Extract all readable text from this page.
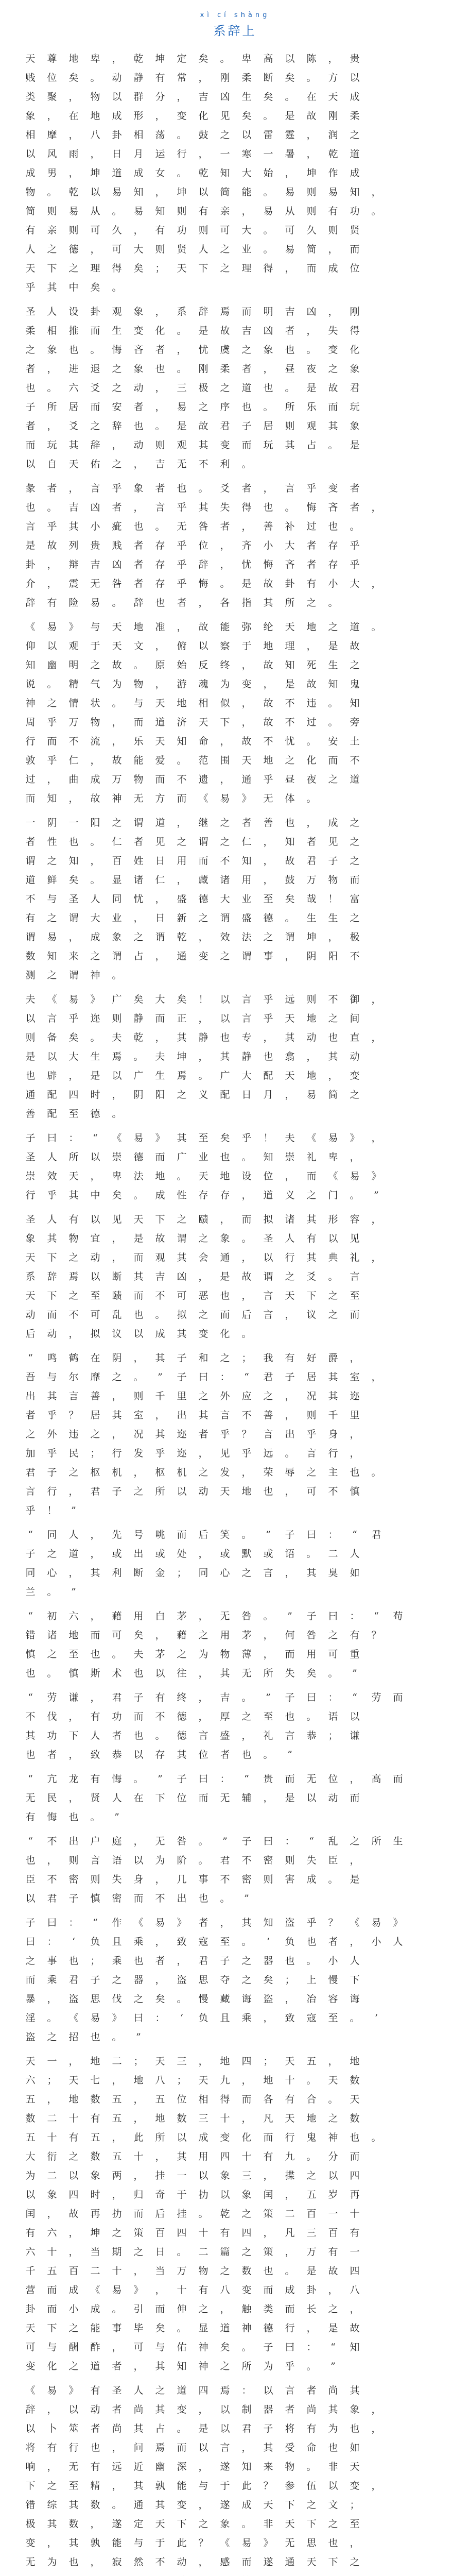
xì cí shàng
系辞上
天 尊 地 卑 ， 乾 坤 定 矣 。 卑 高 以 陈 ， 贵
贱 位 矣 。 动 静 有 常 ， 刚 柔 断 矣 。 方 以
类 聚 ， 物 以 群 分 ， 吉 凶 生 矣 。 在 天 成
象 ， 在 地 成 形 ， 变 化 见 矣 。 是 故 刚 柔
相 摩 ， 八 卦 相 荡 。 鼓 之 以 雷 霆 ， 润 之
以 风 雨 ， 日 月 运 行 ， 一 寒 一 暑 ， 乾 道
成 男 ， 坤 道 成 女 。 乾 知 大 始 ， 坤 作 成
物 。 乾 以 易 知 ， 坤 以 简 能 。 易 则 易 知 ，
简 则 易 从 。 易 知 则 有 亲 ， 易 从 则 有 功 。
有 亲 则 可 久 ， 有 功 则 可 大 。 可 久 则 贤
人 之 德 ， 可 大 则 贤 人 之 业 。 易 简 ， 而
天 下 之 理 得 矣 ； 天 下 之 理 得 ， 而 成 位
乎 其 中 矣 。
圣 人 设 卦 观 象 ， 系 辞 焉 而 明 吉 凶 ， 刚
柔 相 推 而 生 变 化 。 是 故 吉 凶 者 ， 失 得
之 象 也 。 悔 吝 者 ， 忧 虞 之 象 也 。 变 化
者 ， 进 退 之 象 也 。 刚 柔 者 ， 昼 夜 之 象
也 。 六 爻 之 动 ， 三 极 之 道 也 。 是 故 君
子 所 居 而 安 者 ， 易 之 序 也 。 所 乐 而 玩
者 ， 爻 之 辞 也 。 是 故 君 子 居 则 观 其 象
而 玩 其 辞 ， 动 则 观 其 变 而 玩 其 占 。 是
以 自 天 佑 之 ， 吉 无 不 利 。
彖 者 ， 言 乎 象 者 也 。 爻 者 ， 言 乎 变 者
也 。 吉 凶 者 ， 言 乎 其 失 得 也 。 悔 吝 者 ，
言 乎 其 小 疵 也 。 无 咎 者 ， 善 补 过 也 。
是 故 列 贵 贱 者 存 乎 位 ， 齐 小 大 者 存 乎
卦 ， 辩 吉 凶 者 存 乎 辞 ， 忧 悔 吝 者 存 乎
介 ， 震 无 咎 者 存 乎 悔 。 是 故 卦 有 小 大 ，
辞 有 险 易 。 辞 也 者 ， 各 指 其 所 之 。
《 易 》 与 天 地 准 ， 故 能 弥 纶 天 地 之 道 。
仰 以 观 于 天 文 ， 俯 以 察 于 地 理 ， 是 故
知 幽 明 之 故 。 原 始 反 终 ， 故 知 死 生 之
说 。 精 气 为 物 ， 游 魂 为 变 ， 是 故 知 鬼
神 之 情 状 。 与 天 地 相 似 ， 故 不 违 。 知
周 乎 万 物 ， 而 道 济 天 下 ， 故 不 过 。 旁
行 而 不 流 ， 乐 天 知 命 ， 故 不 忧 。 安 土
敦 乎 仁 ， 故 能 爱 。 范 围 天 地 之 化 而 不
过 ， 曲 成 万 物 而 不 遗 ， 通 乎 昼 夜 之 道
而 知 ， 故 神 无 方 而 《 易 》 无 体 。
一 阴 一 阳 之 谓 道 ， 继 之 者 善 也 ， 成 之
者 性 也 。 仁 者 见 之 谓 之 仁 ， 知 者 见 之
谓 之 知 ， 百 姓 日 用 而 不 知 ， 故 君 子 之
道 鲜 矣 。 显 诸 仁 ， 藏 诸 用 ， 鼓 万 物 而
不 与 圣 人 同 忧 ， 盛 德 大 业 至 矣 哉 ！ 富
有 之 谓 大 业 ， 日 新 之 谓 盛 德 。 生 生 之
谓 易 ， 成 象 之 谓 乾 ， 效 法 之 谓 坤 ， 极
数 知 来 之 谓 占 ， 通 变 之 谓 事 ， 阴 阳 不
测 之 谓 神 。
夫 《 易 》 广 矣 大 矣 ！ 以 言 乎 远 则 不 御 ，
以 言 乎 迩 则 静 而 正 ， 以 言 乎 天 地 之 间
则 备 矣 。 夫 乾 ， 其 静 也 专 ， 其 动 也 直 ，
是 以 大 生 焉 。 夫 坤 ， 其 静 也 翕 ， 其 动
也 辟 ， 是 以 广 生 焉 。 广 大 配 天 地 ， 变
通 配 四 时 ， 阴 阳 之 义 配 日 月 ， 易 简 之
善 配 至 德 。
子 曰 ： “ 《 易 》 其 至 矣 乎 ！ 夫 《 易 》 ，
圣 人 所 以 崇 德 而 广 业 也 。 知 崇 礼 卑 ，
崇 效 天 ， 卑 法 地 。 天 地 设 位 ， 而 《 易 》
行 乎 其 中 矣 。 成 性 存 存 ， 道 义 之 门 。 ”
圣 人 有 以 见 天 下 之 赜 ， 而 拟 诸 其 形 容 ，
象 其 物 宜 ， 是 故 谓 之 象 。 圣 人 有 以 见
天 下 之 动 ， 而 观 其 会 通 ， 以 行 其 典 礼 ，
系 辞 焉 以 断 其 吉 凶 ， 是 故 谓 之 爻 。 言
天 下 之 至 赜 而 不 可 恶 也 ， 言 天 下 之 至
动 而 不 可 乱 也 。 拟 之 而 后 言 ， 议 之 而
后 动 ， 拟 议 以 成 其 变 化 。
“ 鸣 鹤 在 阴 ， 其 子 和 之 ； 我 有 好 爵 ，
吾 与 尔 靡 之 。 ” 子 曰 ： “ 君 子 居 其 室 ，
出 其 言 善 ， 则 千 里 之 外 应 之 ， 况 其 迩
者 乎 ？ 居 其 室 ， 出 其 言 不 善 ， 则 千 里
之 外 违 之 ， 况 其 迩 者 乎 ？ 言 出 乎 身 ，
加 乎 民 ； 行 发 乎 迩 ， 见 乎 远 。 言 行 ，
君 子 之 枢 机 ， 枢 机 之 发 ， 荣 辱 之 主 也 。
言 行 ， 君 子 之 所 以 动 天 地 也 ， 可 不 慎
乎 ！ ”
“ 同 人 ， 先 号 咷 而 后 笑 。 ” 子 曰 ： “ 君
子 之 道 ， 或 出 或 处 ， 或 默 或 语 。 二 人
同 心 ， 其 利 断 金 ； 同 心 之 言 ， 其 臭 如
兰 。 ”
“ 初 六 ， 藉 用 白 茅 ， 无 咎 。 ” 子 曰 ： “ 苟
错 诸 地 而 可 矣 ， 藉 之 用 茅 ， 何 咎 之 有 ？
慎 之 至 也 。 夫 茅 之 为 物 薄 ， 而 用 可 重
也 。 慎 斯 术 也 以 往 ， 其 无 所 失 矣 。 ”
“ 劳 谦 ， 君 子 有 终 ， 吉 。 ” 子 曰 ： “ 劳 而
不 伐 ， 有 功 而 不 德 ， 厚 之 至 也 。 语 以
其 功 下 人 者 也 。 德 言 盛 ， 礼 言 恭 ； 谦
也 者 ， 致 恭 以 存 其 位 者 也 。 ”
“ 亢 龙 有 悔 。 ” 子 曰 ： “ 贵 而 无 位 ， 高 而
无 民 ， 贤 人 在 下 位 而 无 辅 ， 是 以 动 而
有 悔 也 。 ”
“ 不 出 户 庭 ， 无 咎 。 ” 子 曰 ： “ 乱 之 所 生
也 ， 则 言 语 以 为 阶 。 君 不 密 则 失 臣 ，
臣 不 密 则 失 身 ， 几 事 不 密 则 害 成 。 是
以 君 子 慎 密 而 不 出 也 。 ”
子 曰 ： “ 作 《 易 》 者 ， 其 知 盗 乎 ？ 《 易 》
曰 ： ‘ 负 且 乘 ， 致 寇 至 。 ’ 负 也 者 ， 小 人
之 事 也 ； 乘 也 者 ， 君 子 之 器 也 。 小 人
而 乘 君 子 之 器 ， 盗 思 夺 之 矣 ； 上 慢 下
暴 ， 盗 思 伐 之 矣 。 慢 藏 诲 盗 ， 冶 容 诲
淫 。 《 易 》 曰 ： ‘ 负 且 乘 ， 致 寇 至 。 ’
盗 之 招 也 。 ”
天 一 ， 地 二 ； 天 三 ， 地 四 ； 天 五 ， 地
六 ； 天 七 ， 地 八 ； 天 九 ， 地 十 。 天 数
五 ， 地 数 五 ， 五 位 相 得 而 各 有 合 。 天
数 二 十 有 五 ， 地 数 三 十 ， 凡 天 地 之 数
五 十 有 五 ， 此 所 以 成 变 化 而 行 鬼 神 也 。
大 衍 之 数 五 十 ， 其 用 四 十 有 九 。 分 而
为 二 以 象 两 ， 挂 一 以 象 三 ， 揲 之 以 四
以 象 四 时 ， 归 奇 于 扐 以 象 闰 ， 五 岁 再
闰 ， 故 再 扐 而 后 挂 。 乾 之 策 二 百 一 十
有 六 ， 坤 之 策 百 四 十 有 四 ， 凡 三 百 有
六 十 ， 当 期 之 日 。 二 篇 之 策 ， 万 有 一
千 五 百 二 十 ， 当 万 物 之 数 也 。 是 故 四
营 而 成 《 易 》 ， 十 有 八 变 而 成 卦 ， 八
卦 而 小 成 。 引 而 伸 之 ， 触 类 而 长 之 ，
天 下 之 能 事 毕 矣 。 显 道 神 德 行 ， 是 故
可 与 酬 酢 ， 可 与 佑 神 矣 。 子 曰 ： “ 知
变 化 之 道 者 ， 其 知 神 之 所 为 乎 。 ”
《 易 》 有 圣 人 之 道 四 焉 ： 以 言 者 尚 其
辞 ， 以 动 者 尚 其 变 ， 以 制 器 者 尚 其 象 ，
以 卜 筮 者 尚 其 占 。 是 以 君 子 将 有 为 也 ，
将 有 行 也 ， 问 焉 而 以 言 ， 其 受 命 也 如
响 ， 无 有 远 近 幽 深 ， 遂 知 来 物 。 非 天
下 之 至 精 ， 其 孰 能 与 于 此 ？ 参 伍 以 变 ，
错 综 其 数 。 通 其 变 ， 遂 成 天 下 之 文 ；
极 其 数 ， 遂 定 天 下 之 象 。 非 天 下 之 至
变 ， 其 孰 能 与 于 此 ？ 《 易 》 无 思 也 ，
无 为 也 ， 寂 然 不 动 ， 感 而 遂 通 天 下 之
